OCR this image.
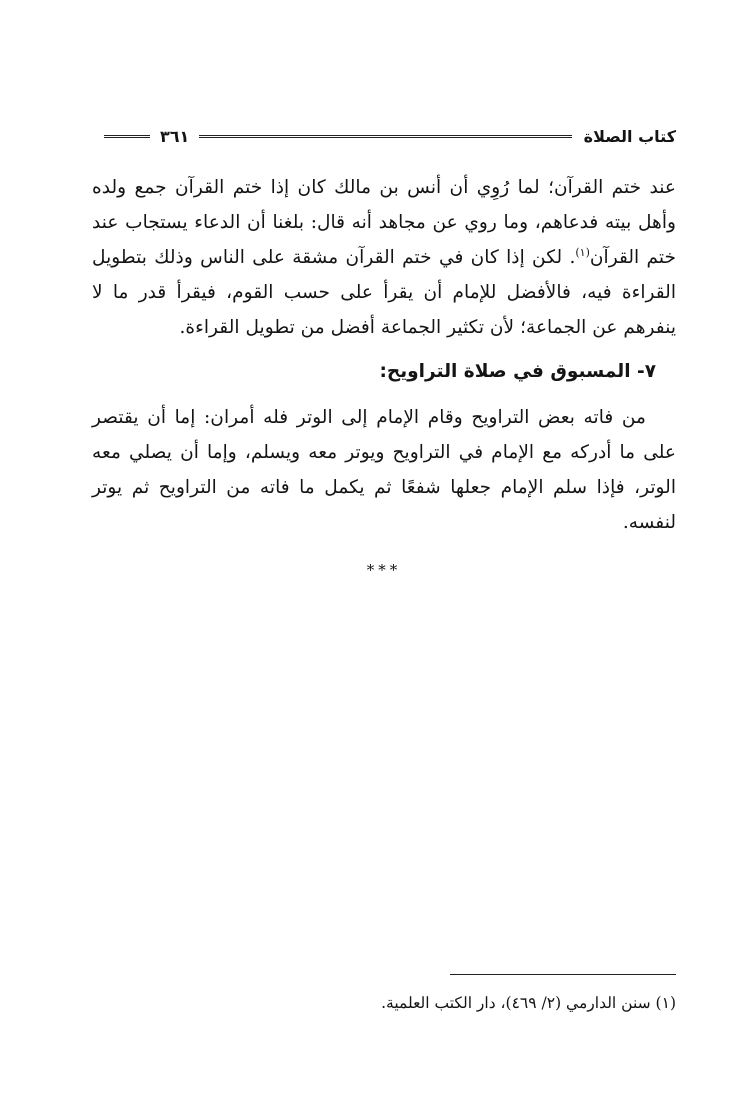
كتاب الصلاة
٣٦١

عند ختم القرآن؛ لما رُوِي أن أنس بن مالك كان إذا ختم القرآن جمع ولده وأهل بيته فدعاهم، وما روي عن مجاهد أنه قال: بلغنا أن الدعاء يستجاب عند ختم القرآن$^{(١)}$. لكن إذا كان في ختم القرآن مشقة على الناس وذلك بتطويل القراءة فيه، فالأفضل للإمام أن يقرأ على حسب القوم، فيقرأ قدر ما لا ينفرهم عن الجماعة؛ لأن تكثير الجماعة أفضل من تطويل القراءة.

٧- المسبوق في صلاة التراويح:

من فاته بعض التراويح وقام الإمام إلى الوتر فله أمران: إما أن يقتصر على ما أدركه مع الإمام في التراويح ويوتر معه ويسلم، وإما أن يصلي معه الوتر، فإذا سلم الإمام جعلها شفعًا ثم يكمل ما فاته من التراويح ثم يوتر لنفسه.

***
(١) سنن الدارمي (٢/ ٤٦٩)، دار الكتب العلمية.
